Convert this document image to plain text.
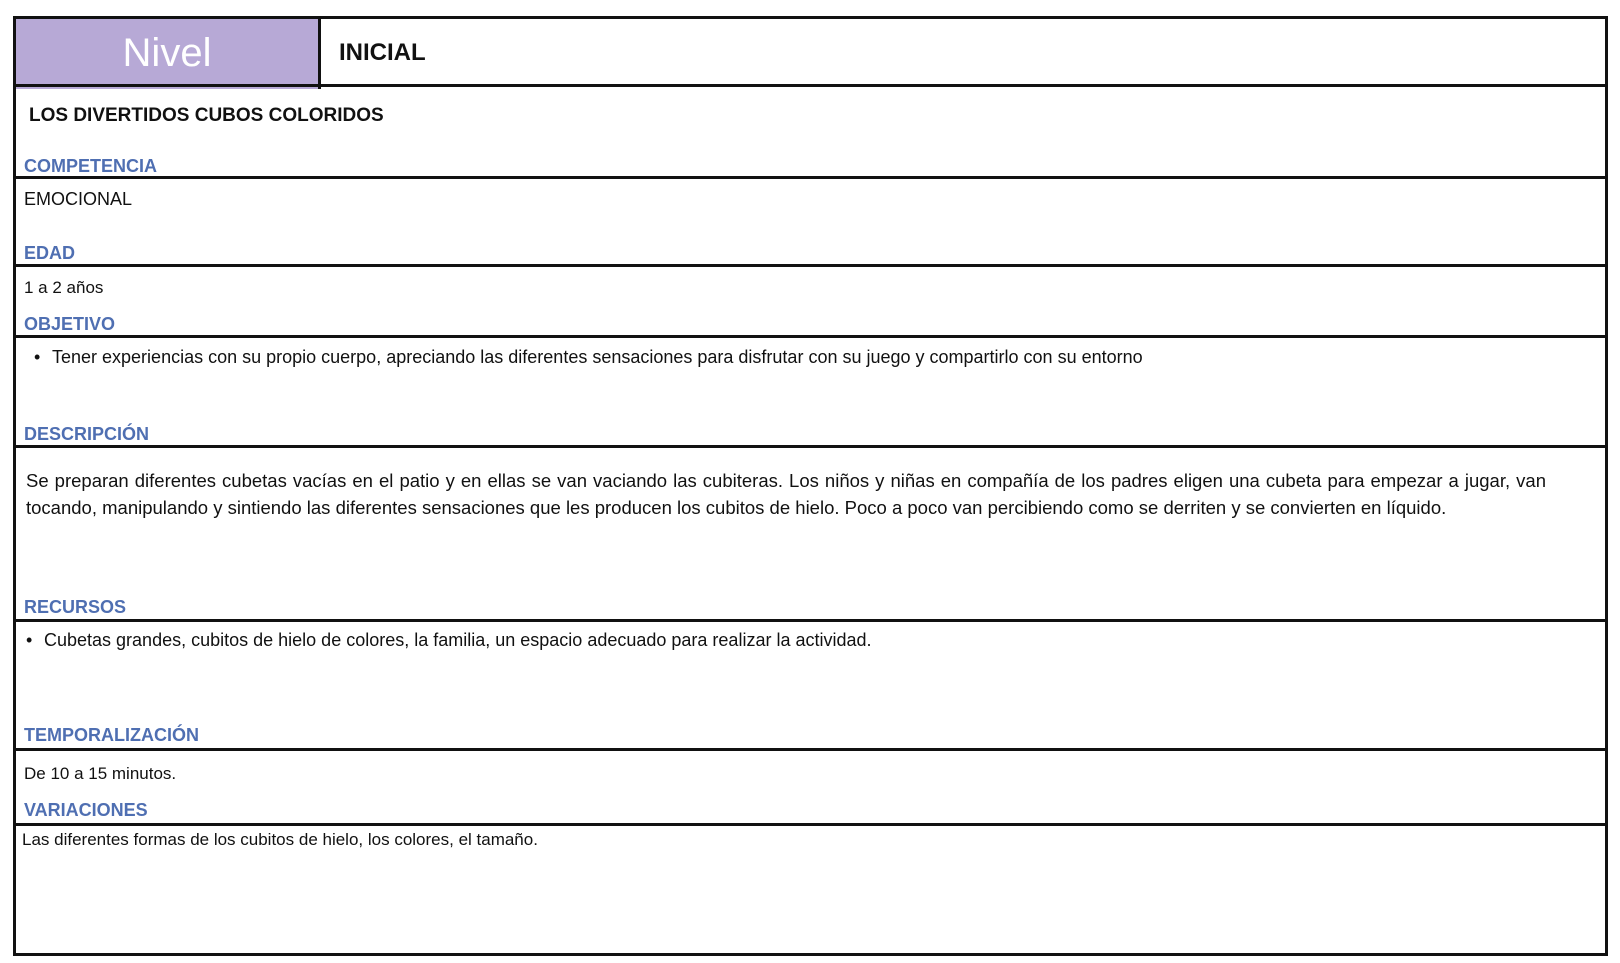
Nivel	INICIAL
LOS DIVERTIDOS CUBOS COLORIDOS
COMPETENCIA
EMOCIONAL
EDAD
1 a 2 años
OBJETIVO
• Tener experiencias con su propio cuerpo, apreciando las diferentes sensaciones para disfrutar con su juego y compartirlo con su entorno
DESCRIPCIÓN
Se preparan diferentes cubetas vacías en el patio y en ellas se van vaciando las cubiteras. Los niños y niñas en compañía de los padres eligen una cubeta para empezar a jugar, van tocando, manipulando y sintiendo las diferentes sensaciones que les producen los cubitos de hielo. Poco a poco van percibiendo como se derriten y se convierten en líquido.
RECURSOS
• Cubetas grandes, cubitos de hielo de colores, la familia, un espacio adecuado para realizar la actividad.
TEMPORALIZACIÓN
De 10 a 15 minutos.
VARIACIONES
Las diferentes formas de los cubitos de hielo, los colores, el tamaño.
